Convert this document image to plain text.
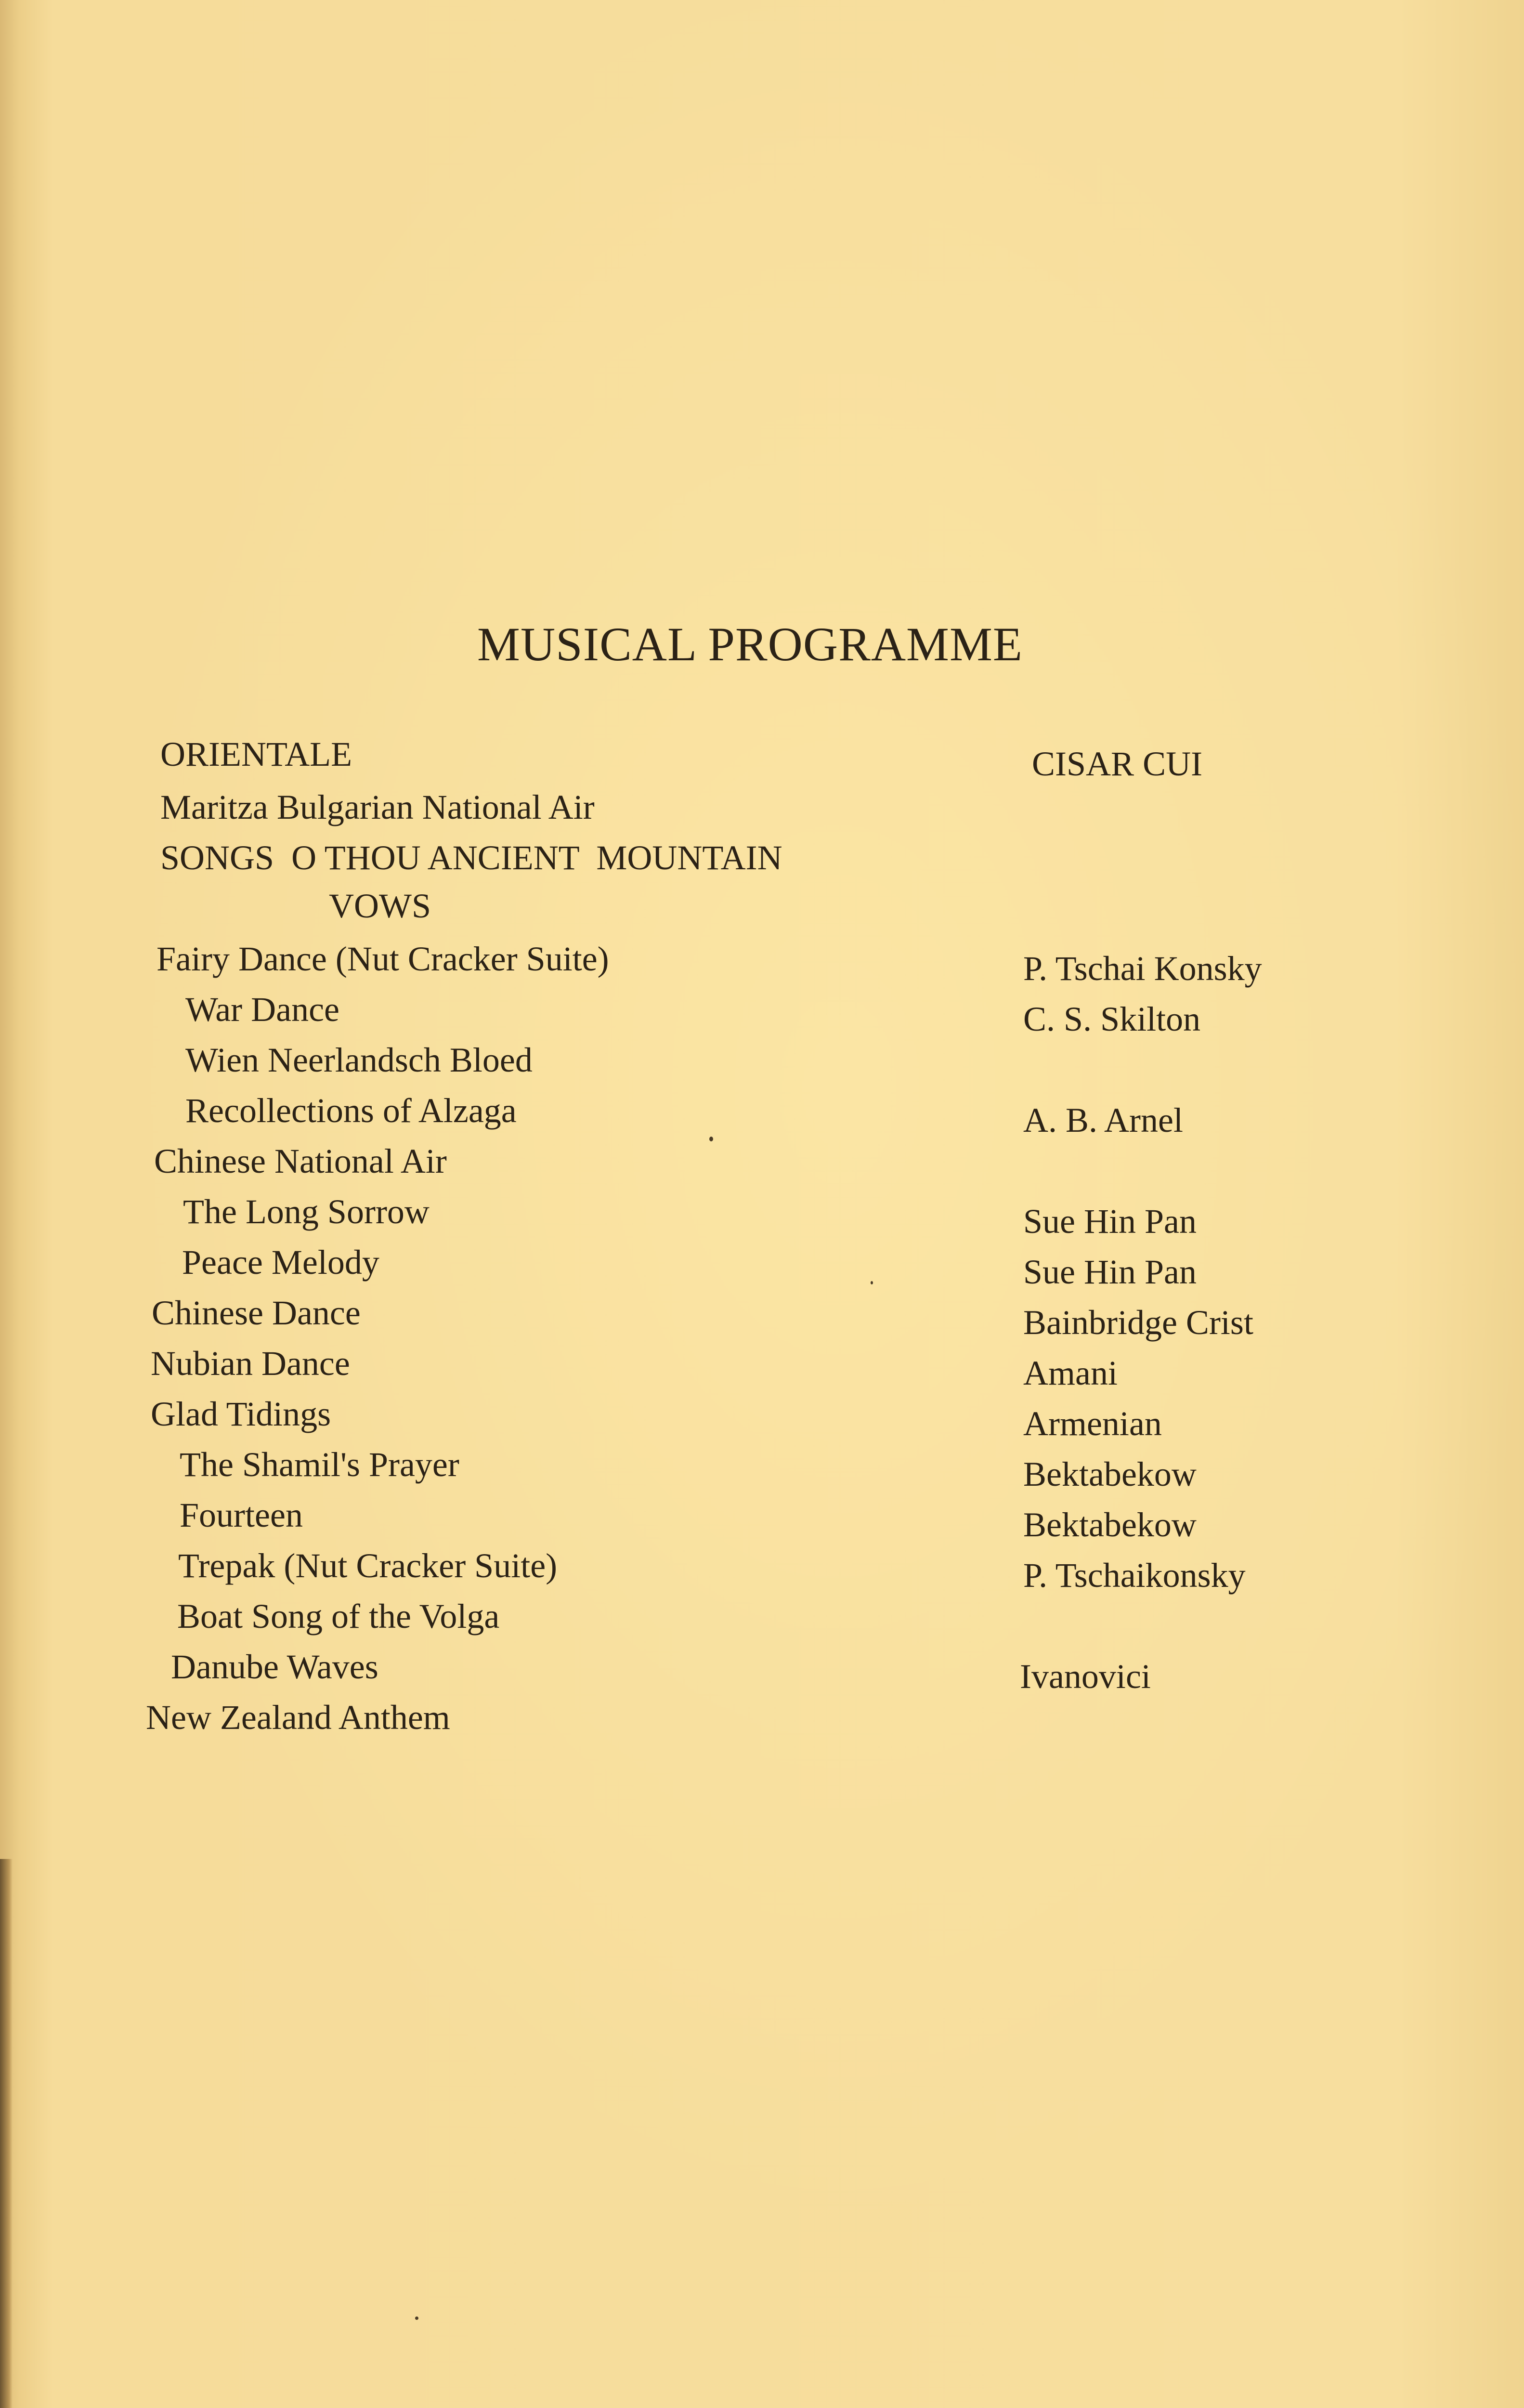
MUSICAL PROGRAMME
ORIENTALE
Maritza Bulgarian National Air
SONGS  O THOU ANCIENT  MOUNTAIN
VOWS
Fairy Dance (Nut Cracker Suite)
War Dance
Wien Neerlandsch Bloed
Recollections of Alzaga
Chinese National Air
The Long Sorrow
Peace Melody
Chinese Dance
Nubian Dance
Glad Tidings
The Shamil's Prayer
Fourteen
Trepak (Nut Cracker Suite)
Boat Song of the Volga
Danube Waves
New Zealand Anthem
CISAR CUI
P. Tschai Konsky
C. S. Skilton
A. B. Arnel
Sue Hin Pan
Sue Hin Pan
Bainbridge Crist
Amani
Armenian
Bektabekow
Bektabekow
P. Tschaikonsky
Ivanovici
